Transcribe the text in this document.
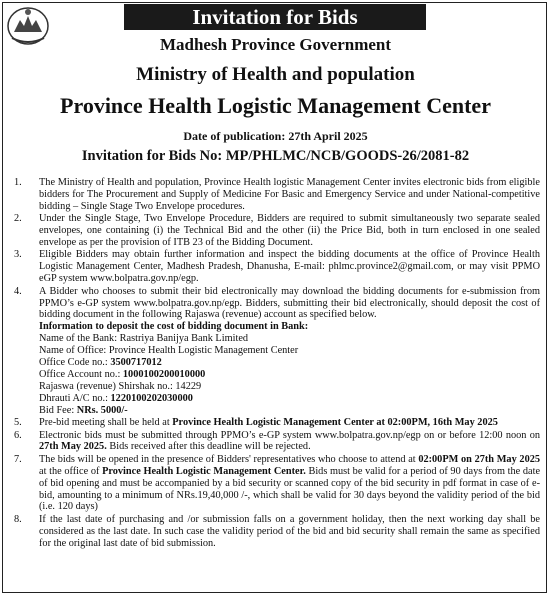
Invitation for Bids
Madhesh Province Government
Ministry of Health and population
Province Health Logistic Management Center
Date of publication: 27th April 2025
Invitation for Bids No: MP/PHLMC/NCB/GOODS-26/2081-82
1.	The Ministry of Health and population, Province Health logistic Management Center invites electronic bids from eligible bidders for The Procurement and Supply of Medicine For Basic and Emergency Service and under National-competitive bidding – Single Stage Two Envelope procedures.
2.	Under the Single Stage, Two Envelope Procedure, Bidders are required to submit simultaneously two separate sealed envelopes, one containing (i) the Technical Bid and the other (ii) the Price Bid, both in turn enclosed in one sealed envelope as per the provision of ITB 23 of the Bidding Document.
3.	Eligible Bidders may obtain further information and inspect the bidding documents at the office of Province Health Logistic Management Center, Madhesh Pradesh, Dhanusha, E-mail: phlmc.province2@gmail.com, or may visit PPMO eGP system www.bolpatra.gov.np/egp.
4.	A Bidder who chooses to submit their bid electronically may download the bidding documents for e-submission from PPMO’s e-GP system www.bolpatra.gov.np/egp. Bidders, submitting their bid electronically, should deposit the cost of bidding document in the following Rajaswa (revenue) account as specified below.

Information to deposit the cost of bidding document in Bank:

Name of the Bank: Rastriya Banijya Bank Limited

Name of Office: Province Health Logistic Management Center

Office Code no.: 3500717012

Office Account no.: 1000100200010000

Rajaswa (revenue) Shirshak no.: 14229

Dhrauti A/C no.: 1220100202030000

Bid Fee: NRs. 5000/-

5.	Pre-bid meeting shall be held at Province Health Logistic Management Center at 02:00PM, 16th May 2025
6.	Electronic bids must be submitted through PPMO’s e-GP system www.bolpatra.gov.np/egp on or before 12:00 noon on 27th May 2025. Bids received after this deadline will be rejected.
7.	The bids will be opened in the presence of Bidders' representatives who choose to attend at 02:00PM on 27th May 2025 at the office of Province Health Logistic Management Center. Bids must be valid for a period of 90 days from the date of bid opening and must be accompanied by a bid security or scanned copy of the bid security in pdf format in case of e-bid, amounting to a minimum of NRs.19,40,000 /-, which shall be valid for 30 days beyond the validity period of the bid (i.e. 120 days)
8.	If the last date of purchasing and /or submission falls on a government holiday, then the next working day shall be considered as the last date. In such case the validity period of the bid and bid security shall remain the same as specified for the original last date of bid submission.
